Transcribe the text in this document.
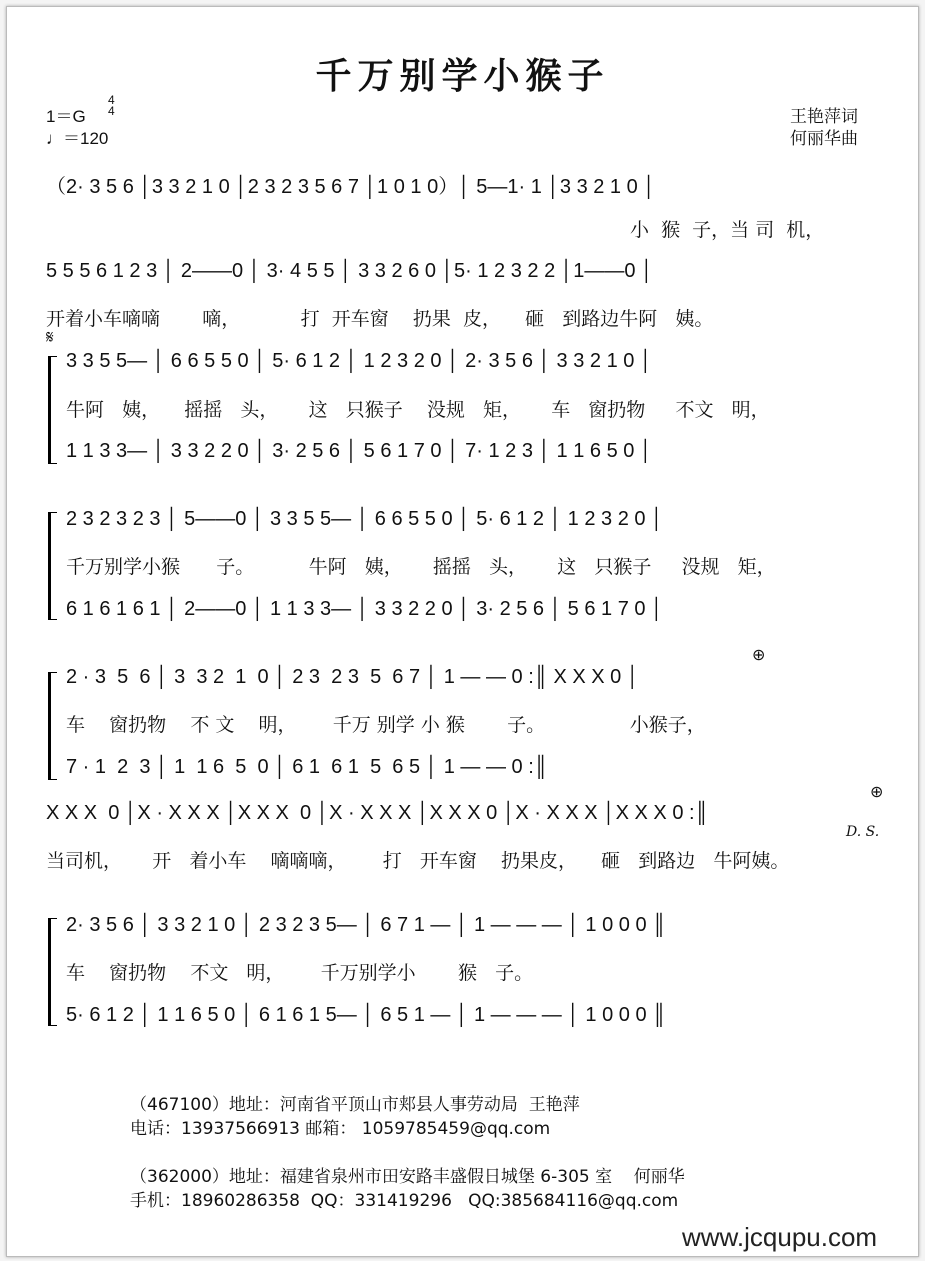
千万别学小猴子
1＝G
4
4
♩＝120
王艳萍词
何丽华曲
（2· 3 5 6 │3 3 2 1 0 │2 3 2 3 5 6 7 │1 0 1 0）│ 5—1· 1 │3 3 2 1 0 │
小  猴  子，当 司  机，
5 5 5 6 1 2 3 │ 2——0 │ 3· 4 5 5 │ 3 3 2 6 0 │5· 1 2 3 2 2 │1——0 │
开着小车嘀嘀       嘀，          打  开车窗    扔果  皮，    砸   到路边牛阿   姨。
𝄋
3 3 5 5— │ 6 6 5 5 0 │ 5· 6 1 2 │ 1 2 3 2 0 │ 2· 3 5 6 │ 3 3 2 1 0 │
牛阿   姨，    摇摇   头，     这   只猴子    没规   矩，     车   窗扔物     不文   明，
1 1 3 3— │ 3 3 2 2 0 │ 3· 2 5 6 │ 5 6 1 7 0 │ 7· 1 2 3 │ 1 1 6 5 0 │
2 3 2 3 2 3 │ 5——0 │ 3 3 5 5— │ 6 6 5 5 0 │ 5· 6 1 2 │ 1 2 3 2 0 │
千万别学小猴      子。         牛阿   姨，     摇摇   头，     这   只猴子     没规   矩，
6 1 6 1 6 1 │ 2——0 │ 1 1 3 3— │ 3 3 2 2 0 │ 3· 2 5 6 │ 5 6 1 7 0 │
⊕
2 · 3  5  6 │ 3  3 2  1  0 │ 2 3  2 3  5  6 7 │ 1 — — 0 :║ X X X 0 │
车    窗扔物    不 文    明，      千万 别学 小 猴       子。              小猴子，
7 · 1  2  3 │ 1  1 6  5  0 │ 6 1  6 1  5  6 5 │ 1 — — 0 :║
⊕
X X X  0 │X · X X X │X X X  0 │X · X X X │X X X 0 │X · X X X │X X X 0 :║
D. S.
当司机，     开   着小车    嘀嘀嘀，      打   开车窗    扔果皮，    砸   到路边   牛阿姨。
2· 3 5 6 │ 3 3 2 1 0 │ 2 3 2 3 5— │ 6 7 1 — │ 1 — — — │ 1 0 0 0 ║
车    窗扔物    不文   明，      千万别学小       猴   子。
5· 6 1 2 │ 1 1 6 5 0 │ 6 1 6 1 5— │ 6 5 1 — │ 1 — — — │ 1 0 0 0 ║
（467100）地址：河南省平顶山市郏县人事劳动局  王艳萍
电话：13937566913 邮箱： 1059785459@qq.com
（362000）地址：福建省泉州市田安路丰盛假日城堡 6-305 室    何丽华
手机：18960286358  QQ：331419296   QQ:385684116@qq.com
www.jcqupu.com
